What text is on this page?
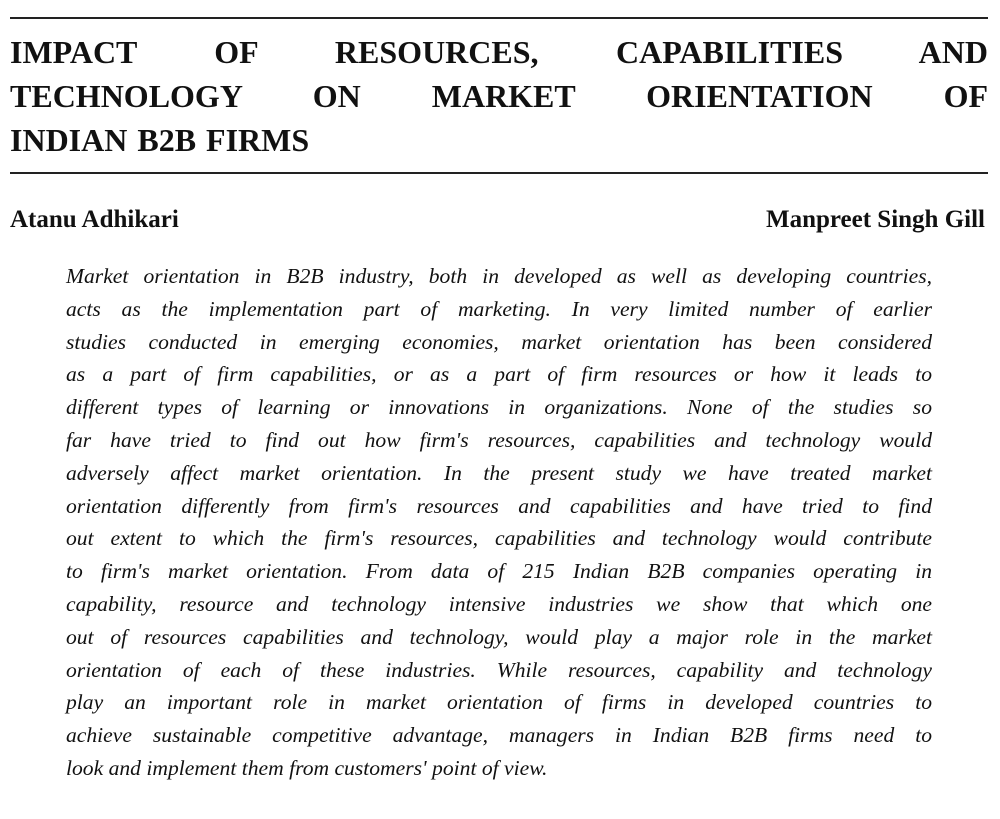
IMPACT OF RESOURCES, CAPABILITIES AND
TECHNOLOGY ON MARKET ORIENTATION OF
INDIAN B2B FIRMS
Atanu Adhikari	Manpreet Singh Gill

Market orientation in B2B industry, both in developed as well as developing countries,
acts as the implementation part of marketing. In very limited number of earlier
studies conducted in emerging economies, market orientation has been considered
as a part of firm capabilities, or as a part of firm resources or how it leads to
different types of learning or innovations in organizations. None of the studies so
far have tried to find out how firm's resources, capabilities and technology would
adversely affect market orientation. In the present study we have treated market
orientation differently from firm's resources and capabilities and have tried to find
out extent to which the firm's resources, capabilities and technology would contribute
to firm's market orientation. From data of 215 Indian B2B companies operating in
capability, resource and technology intensive industries we show that which one
out of resources capabilities and technology, would play a major role in the market
orientation of each of these industries. While resources, capability and technology
play an important role in market orientation of firms in developed countries to
achieve sustainable competitive advantage, managers in Indian B2B firms need to
look and implement them from customers' point of view.
